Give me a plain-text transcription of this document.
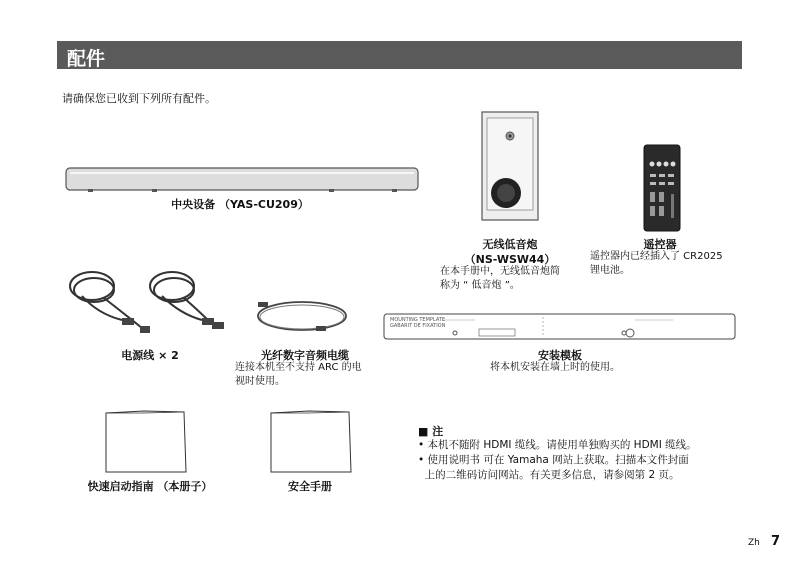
配件
请确保您已收到下列所有配件。
中央设备 （YAS-CU209）
无线低音炮
（NS-WSW44）
在本手册中，无线低音炮简
称为 “ 低音炮 ”。
遥控器
遥控器内已经插入了 CR2025
锂电池。
电源线 × 2	光纤数字音频电缆
连接本机至不支持 ARC 的电
视时使用。
MOUNTING TEMPLATE
GABARIT DE FIXATION
安装模板
将本机安装在墙上时的使用。
快速启动指南 （本册子）	安全手册
■ 注
• 本机不随附 HDMI 缆线。请使用单独购买的 HDMI 缆线。
• 使用说明书 可在 Yamaha 网站上获取。扫描本文件封面
上的二维码访问网站。有关更多信息，请参阅第 2 页。
Zh 7
